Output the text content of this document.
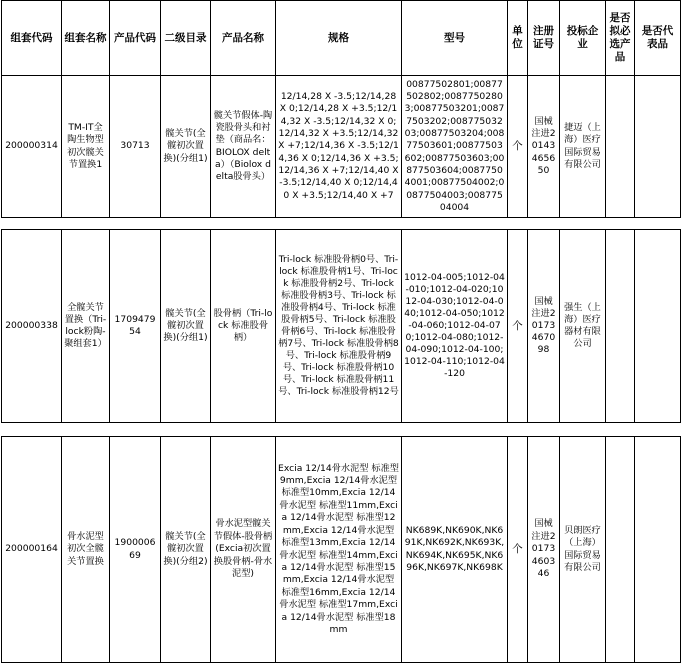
组套代码	组套名称	产品代码	二级目录	产品名称	规格	型号	单位	注册证号	投标企业	是否拟必选产品	是否代表品
200000314	TM-IT全陶生物型初次髋关节置换1	30713	髋关节(全髋初次置换)(分组1)	髋关节假体-陶瓷股骨头和衬垫（商品名：BIOLOX delta）（Biolox delta股骨头）	12/14,28 X -3.5;12/14,28 X 0;12/14,28 X +3.5;12/14,32 X -3.5;12/14,32 X 0;12/14,32 X +3.5;12/14,32 X +7;12/14,36 X -3.5;12/14,36 X 0;12/14,36 X +3.5;12/14,36 X +7;12/14,40 X -3.5;12/14,40 X 0;12/14,40 X +3.5;12/14,40 X +7	00877502801;00877502802;00877502803;00877503201;00877503202;00877503203;00877503204;00877503601;00877503602;00877503603;00877503604;00877504001;00877504002;00877504003;00877504004	个	国械注进20143465650	捷迈（上海）医疗国际贸易有限公司		
200000338	全髋关节置换（Tri-lock粉陶-聚组套1）	170947954	髋关节(全髋初次置换)(分组1)	股骨柄（Tri-lock 标准股骨柄）	Tri-lock 标准股骨柄0号、Tri-lock 标准股骨柄1号、Tri-lock 标准股骨柄2号、Tri-lock 标准股骨柄3号、Tri-lock 标准股骨柄4号、Tri-lock 标准股骨柄5号、Tri-lock 标准股骨柄6号、Tri-lock 标准股骨柄7号、Tri-lock 标准股骨柄8号、Tri-lock 标准股骨柄9号、Tri-lock 标准股骨柄10号、Tri-lock 标准股骨柄11号、Tri-lock 标准股骨柄12号	1012-04-005;1012-04-010;1012-04-020;1012-04-030;1012-04-040;1012-04-050;1012-04-060;1012-04-070;1012-04-080;1012-04-090;1012-04-100;1012-04-110;1012-04-120	个	国械注进20173467098	强生（上海）医疗器材有限公司		
200000164	骨水泥型初次全髋关节置换	190000669	髋关节(全髋初次置换)(分组2)	骨水泥型髋关节假体-股骨柄(Excia初次置换股骨柄-骨水泥型)	Excia 12/14骨水泥型 标准型9mm,Excia 12/14骨水泥型 标准型10mm,Excia 12/14骨水泥型 标准型11mm,Excia 12/14骨水泥型 标准型12mm,Excia 12/14骨水泥型 标准型13mm,Excia 12/14骨水泥型 标准型14mm,Excia 12/14骨水泥型 标准型15mm,Excia 12/14骨水泥型 标准型16mm,Excia 12/14骨水泥型 标准型17mm,Excia 12/14骨水泥型 标准型18mm	NK689K,NK690K,NK691K,NK692K,NK693K,NK694K,NK695K,NK696K,NK697K,NK698K	个	国械注进20173460346	贝朗医疗（上海）国际贸易有限公司		
